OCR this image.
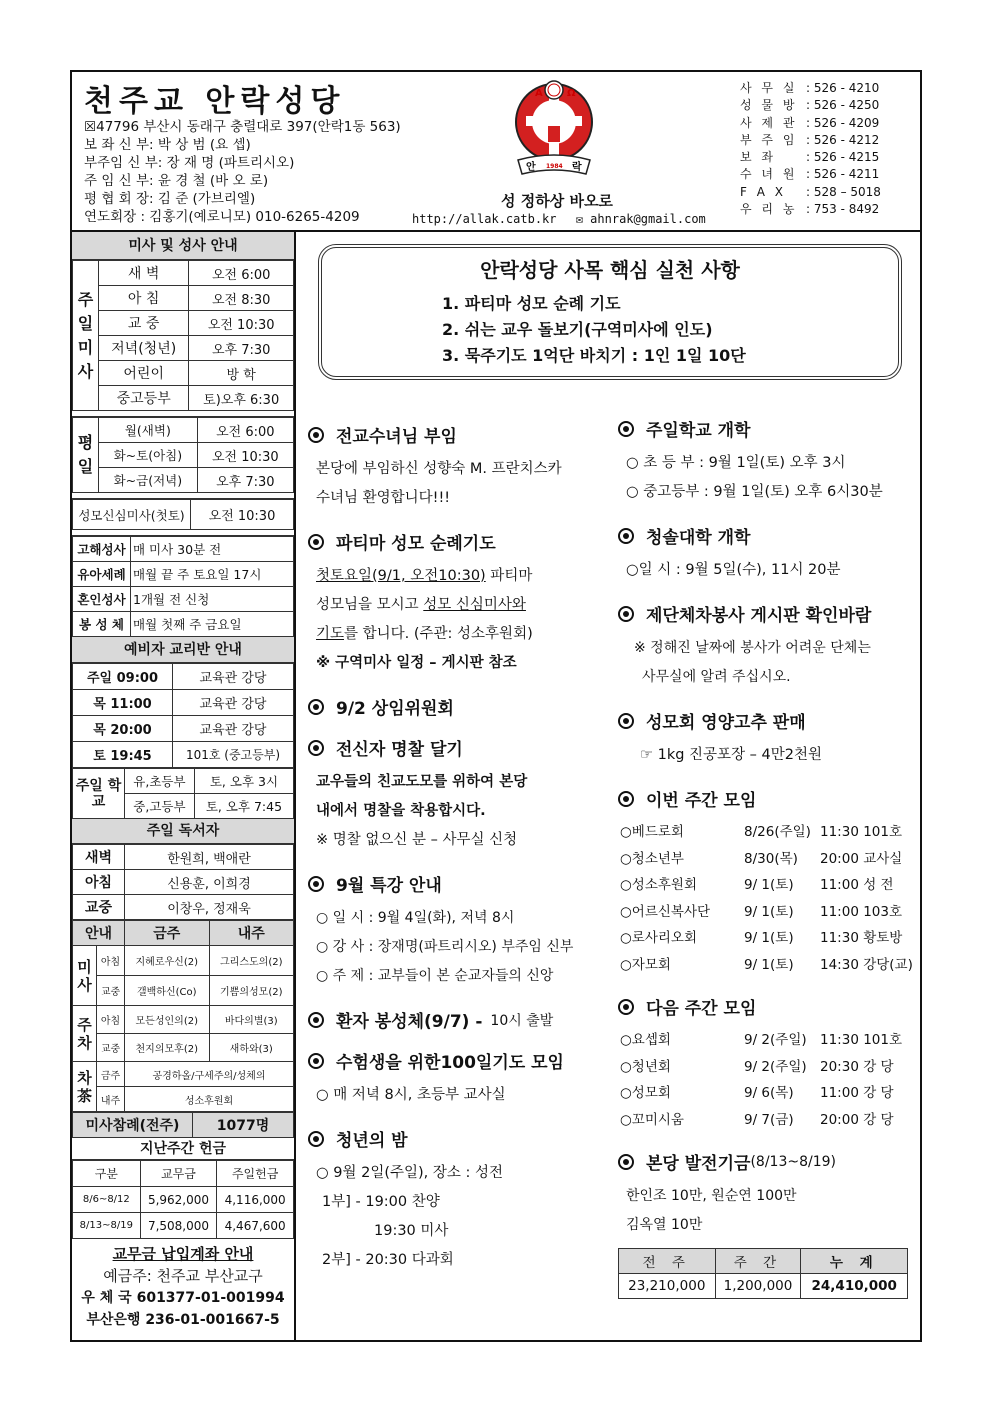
천주교 안락성당
☒47796 부산시 동래구 충렬대로 397(안락1동 563)
보 좌 신 부: 박 상 범 (요 셉)
부주임 신 부: 장 재 명 (파트리시오)
주 임 신 부: 윤 경 철 (바 오 로)
평 협 회 장: 김 준 (가브리엘)
연도회장 : 김홍기(예로니모) 010-6265-4209
A Ω
안 1984 락
성 정하상 바오로
http://allak.catb.kr ✉ ahnrak@gmail.com
사 무 실 : 526 - 4210
성 물 방 : 526 - 4250
사 제 관 : 526 - 4209
부 주 임 : 526 - 4212
보 좌	: 526 - 4215
수 녀 원 : 526 - 4211
F A X	: 528 – 5018
우 리 농 : 753 - 8492
미사 및 성사 안내
주
일
미
사	새 벽	오전 6:00
	아 침	오전 8:30
	교 중	오전 10:30
	저녁(청년)	오후 7:30
	어린이	방 학
	중고등부	토)오후 6:30
평
일	월(새벽)	오전 6:00
	화~토(아침)	오전 10:30
	화~금(저녁)	오후 7:30
성모신심미사(첫토)	오전 10:30
고해성사	매 미사 30분 전
유아세례	매월 끝 주 토요일 17시
혼인성사	1개월 전 신청
봉 성 체	매월 첫째 주 금요일
예비자 교리반 안내
주일 09:00	교육관 강당
목 11:00	교육관 강당
목 20:00	교육관 강당
토 19:45	101호 (중고등부)
주일 학교	유,초등부	토, 오후 3시
	중,고등부	토, 오후 7:45
주일 독서자
새벽	한원희, 백애란
아침	신용훈, 이희경
교중	이창우, 정재욱
안내		금주	내주
미사	아침	지혜로우신(2)	그리스도의(2)
	교중	갤백하신(Co)	기쁨의성모(2)
주차	아침	모든성인의(2)	바다의별(3)
	교중	천지의모후(2)	새하와(3)
차茶	금주	공경하올/구세주의/성체의	
	내주	성소후원회	
미사참례(전주)	1077명
지난주간 헌금
구분	교무금	주일헌금
8/6~8/12	5,962,000	4,116,000
8/13~8/19	7,508,000	4,467,600
교무금 납입계좌 안내
예금주: 천주교 부산교구
우 체 국 601377-01-001994
부산은행 236-01-001667-5
안락성당 사목 핵심 실천 사항
1. 파티마 성모 순례 기도
2. 쉬는 교우 돌보기(구역미사에 인도)
3. 묵주기도 1억단 바치기 : 1인 1일 10단
전교수녀님 부임
본당에 부임하신 성향숙 M. 프란치스카
수녀님 환영합니다!!!
파티마 성모 순례기도
첫토요일(9/1, 오전10:30) 파티마
성모님을 모시고 성모 신심미사와
기도를 합니다. (주관: 성소후원회)
※ 구역미사 일정 – 게시판 참조
9/2 상임위원회
전신자 명찰 달기
교우들의 친교도모를 위하여 본당
내에서 명찰을 착용합시다.
※ 명찰 없으신 분 – 사무실 신청
9월 특강 안내
○ 일 시 : 9월 4일(화), 저녁 8시
○ 강 사 : 장재명(파트리시오) 부주임 신부
○ 주 제 : 교부들이 본 순교자들의 신앙
환자 봉성체(9/7) - 10시 출발
수험생을 위한100일기도 모임
○ 매 저녁 8시, 초등부 교사실
청년의 밤
○ 9월 2일(주일), 장소 : 성전
1부] - 19:00 찬양
19:30 미사
2부] - 20:30 다과회
주일학교 개학
○ 초 등 부 : 9월 1일(토) 오후 3시
○ 중고등부 : 9월 1일(토) 오후 6시30분
청솔대학 개학
○일 시 : 9월 5일(수), 11시 20분
제단체차봉사 게시판 확인바람
※ 정해진 날짜에 봉사가 어려운 단체는
사무실에 알려 주십시오.
성모회 영양고추 판매
☞ 1kg 진공포장 – 4만2천원
이번 주간 모임
○베드로회	8/26(주일) 11:30 101호
○청소년부	8/30(목)	20:00 교사실
○성소후원회	9/ 1(토)	11:00 성 전
○어르신복사단	9/ 1(토)	11:00 103호
○로사리오회	9/ 1(토)	11:30 황토방
○자모회	9/ 1(토)	14:30 강당(교)
다음 주간 모임
○요셉회	9/ 2(주일) 11:30 101호
○청년회	9/ 2(주일) 20:30 강 당
○성모회	9/ 6(목)	11:00 강 당
○꼬미시움	9/ 7(금)	20:00 강 당
본당 발전기금 (8/13~8/19)
한인조 10만, 원순연 100만
김옥열 10만
전 주	주 간	누 계
23,210,000	1,200,000	24,410,000
